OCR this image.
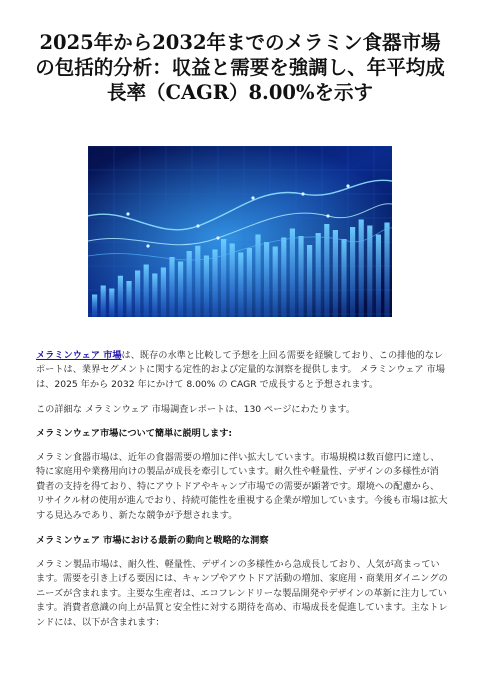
2025年から2032年までのメラミン食器市場の包括的分析：収益と需要を強調し、年平均成長率（CAGR）8.00%を示す

メラミンウェア 市場は、既存の水準と比較して予想を上回る需要を経験しており、この排他的なレポートは、業界セグメントに関する定性的および定量的な洞察を提供します。 メラミンウェア 市場は、2025 年から 2032 年にかけて 8.00% の CAGR で成長すると予想されます。

この詳細な メラミンウェア 市場調査レポートは、130 ページにわたります。

メラミンウェア市場について簡単に説明します:

メラミン食器市場は、近年の食器需要の増加に伴い拡大しています。市場規模は数百億円に達し、特に家庭用や業務用向けの製品が成長を牽引しています。耐久性や軽量性、デザインの多様性が消費者の支持を得ており、特にアウトドアやキャンプ市場での需要が顕著です。環境への配慮から、リサイクル材の使用が進んでおり、持続可能性を重視する企業が増加しています。今後も市場は拡大する見込みであり、新たな競争が予想されます。

メラミンウェア 市場における最新の動向と戦略的な洞察

メラミン製品市場は、耐久性、軽量性、デザインの多様性から急成長しており、人気が高まっています。需要を引き上げる要因には、キャンプやアウトドア活動の増加、家庭用・商業用ダイニングのニーズが含まれます。主要な生産者は、エコフレンドリーな製品開発やデザインの革新に注力しています。消費者意識の向上が品質と安全性に対する期待を高め、市場成長を促進しています。主なトレンドには、以下が含まれます：
